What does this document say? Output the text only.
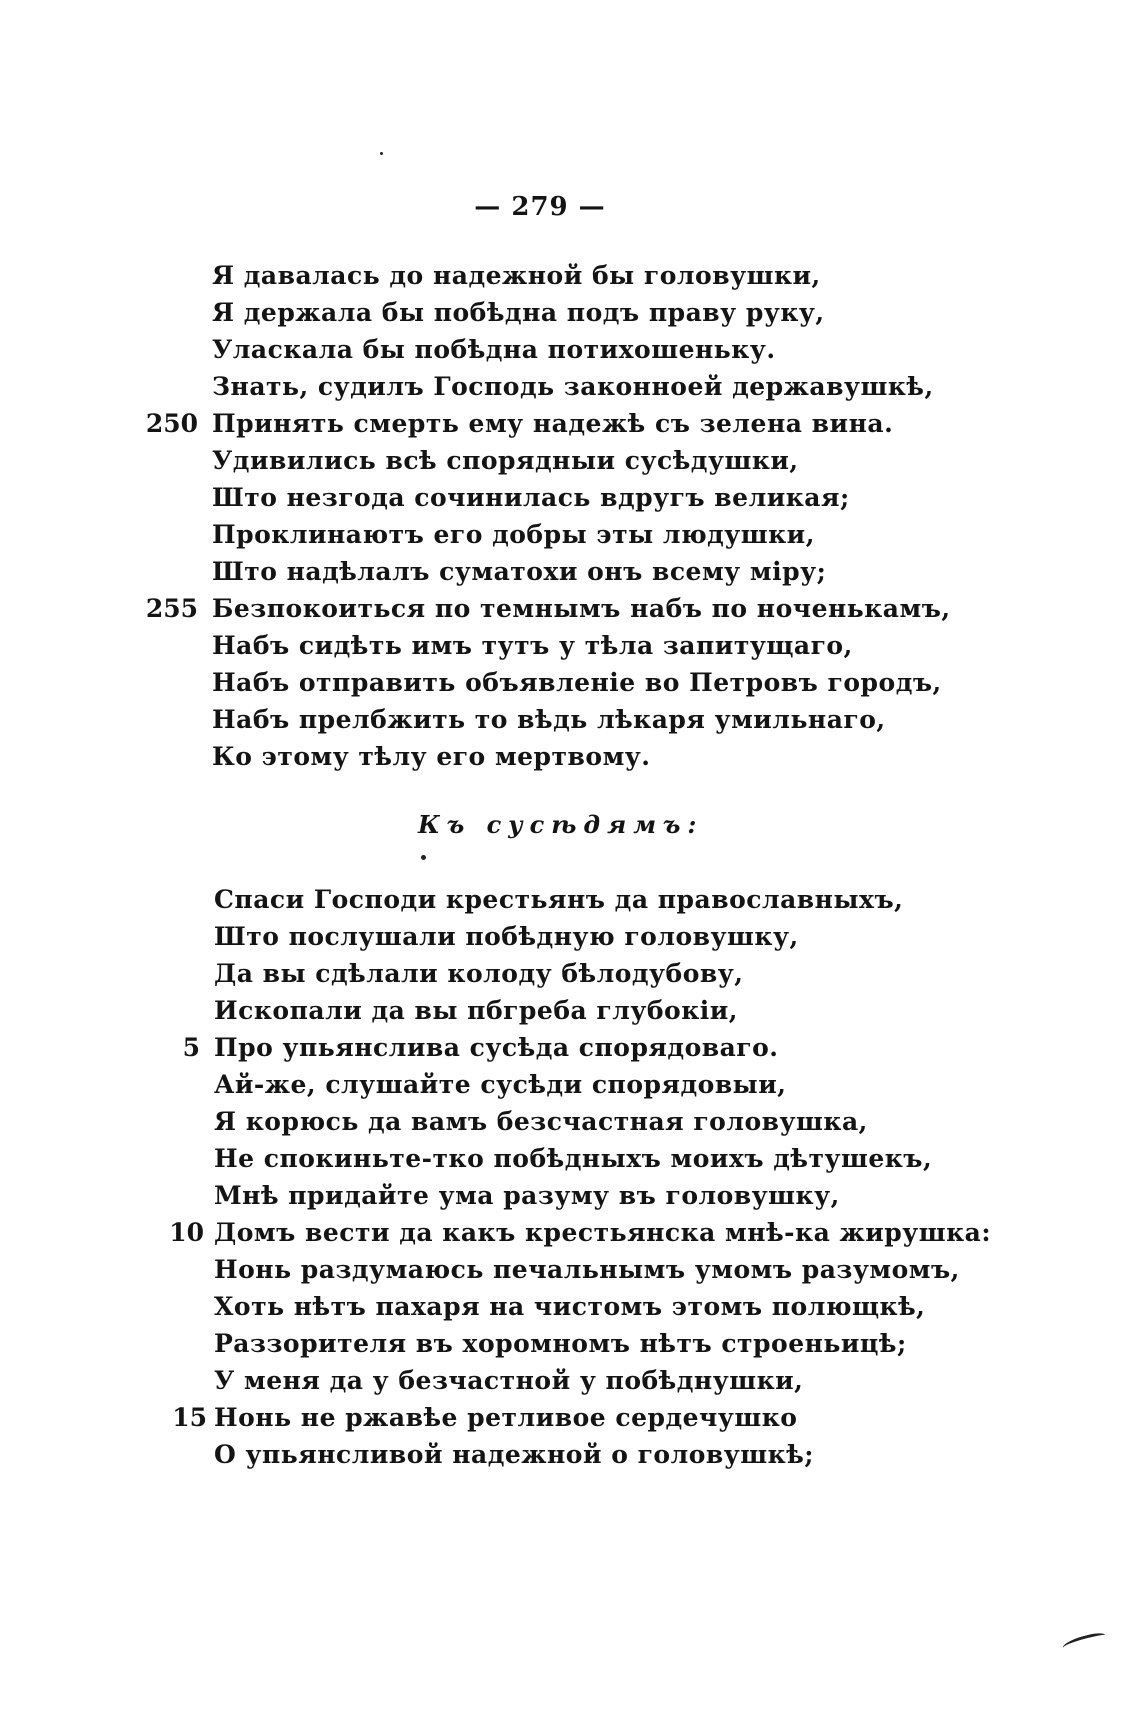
— 279 —
Я давалась до надежной бы головушки,
Я держала бы побѣдна подъ праву руку,
Уласкала бы побѣдна потихошеньку.
Знать, судилъ Господь законноей державушкѣ,
250 Принять смерть ему надежѣ съ зелена вина.
Удивились всѣ спорядныи сусѣдушки,
Што незгода сочинилась вдругъ великая;
Проклинаютъ его добры эты людушки,
Што надѣлалъ суматохи онъ всему міру;
255 Безпокоиться по темнымъ набъ по ноченькамъ,
Набъ сидѣть имъ тутъ у тѣла запитущаго,
Набъ отправить объявленіе во Петровъ городъ,
Набъ прелбжить то вѣдь лѣкаря умильнаго,
Ко этому тѣлу его мертвому.
Къ сусѣдямъ:
Спаси Господи крестьянъ да православныхъ,
Што послушали побѣдную головушку,
Да вы сдѣлали колоду бѣлодубову,
Ископали да вы пбгреба глубокіи,
5 Про упьянслива сусѣда спорядоваго.
Ай-же, слушайте сусѣди спорядовыи,
Я корюсь да вамъ безсчастная головушка,
Не спокиньте-тко побѣдныхъ моихъ дѣтушекъ,
Мнѣ придайте ума разуму въ головушку,
10 Домъ вести да какъ крестьянска мнѣ-ка жирушка:
Нонь раздумаюсь печальнымъ умомъ разумомъ,
Хоть нѣтъ пахаря на чистомъ этомъ полющкѣ,
Раззорителя въ хоромномъ нѣтъ строеньицѣ;
У меня да у безчастной у побѣднушки,
15 Нонь не ржавѣе ретливое сердечушко
О упьянсливой надежной о головушкѣ;
